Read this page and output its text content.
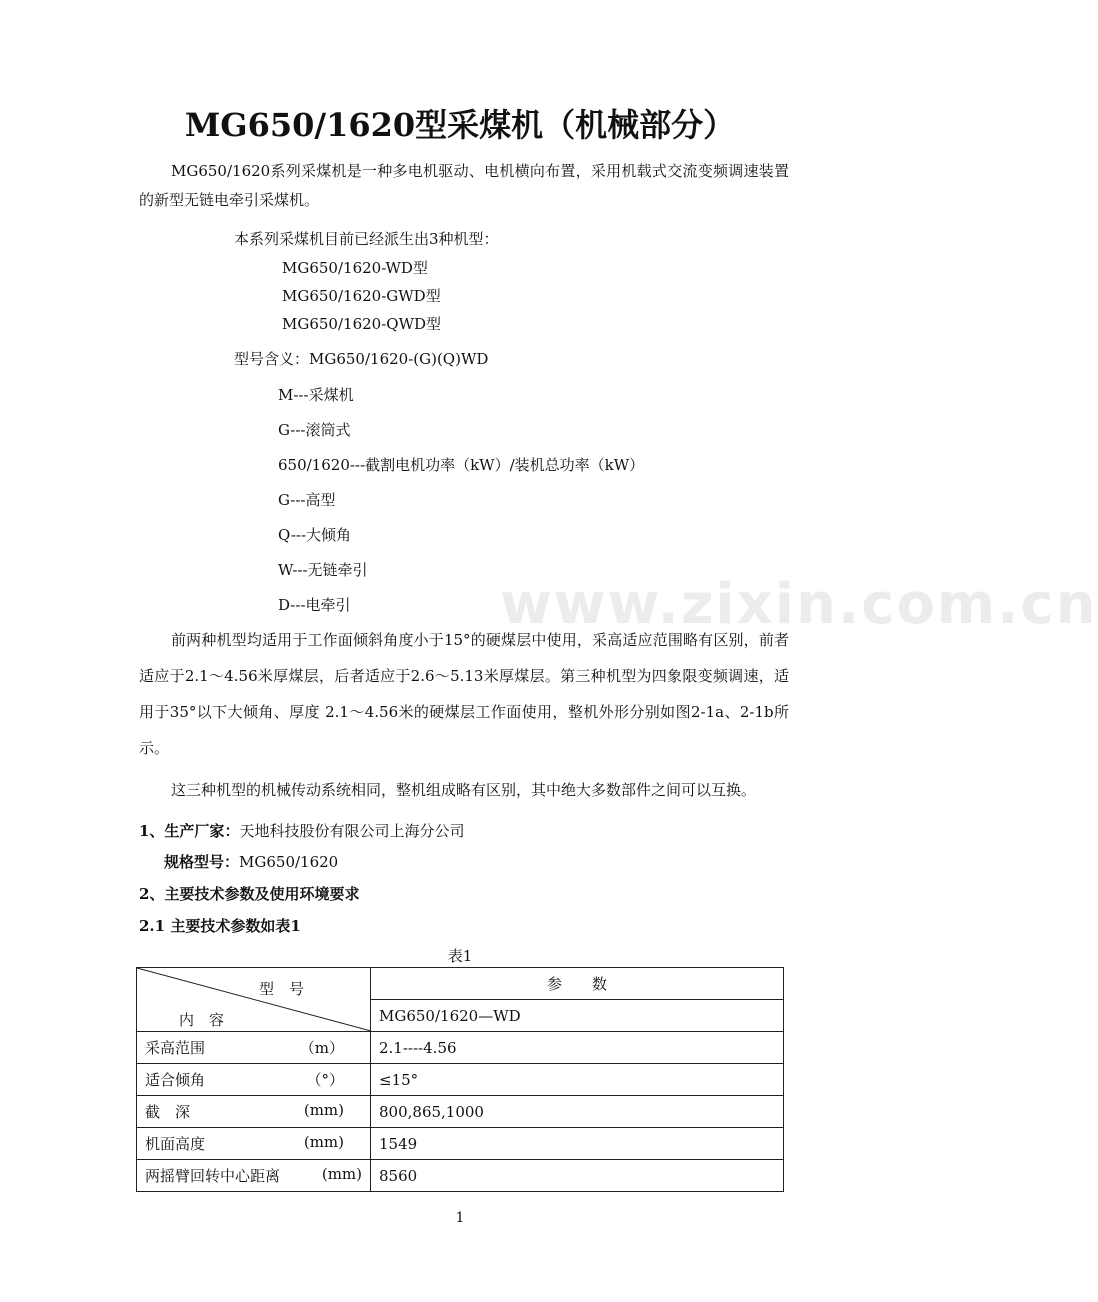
MG650/1620型采煤机（机械部分）
MG650/1620系列采煤机是一种多电机驱动、电机横向布置，采用机载式交流变频调速装置的新型无链电牵引采煤机。
本系列采煤机目前已经派生出3种机型：
MG650/1620-WD型
MG650/1620-GWD型
MG650/1620-QWD型
型号含义：MG650/1620-(G)(Q)WD
M---采煤机
G---滚筒式
650/1620---截割电机功率（kW）/装机总功率（kW）
G---高型
Q---大倾角
W---无链牵引
D---电牵引	www.zixin.com.cn
前两种机型均适用于工作面倾斜角度小于15°的硬煤层中使用，采高适应范围略有区别，前者适应于2.1～4.56米厚煤层，后者适应于2.6～5.13米厚煤层。第三种机型为四象限变频调速，适用于35°以下大倾角、厚度 2.1～4.56米的硬煤层工作面使用，整机外形分别如图2-1a、2-1b所示。
这三种机型的机械传动系统相同，整机组成略有区别，其中绝大多数部件之间可以互换。
1、生产厂家：天地科技股份有限公司上海分公司
规格型号：MG650/1620
2、主要技术参数及使用环境要求
2.1 主要技术参数如表1
表1
型　号
内　容	参　　数
	MG650/1620—WD
采高范围 （m）	2.1----4.56
适合倾角 （°）	≤15°
截　深 (mm)	800,865,1000
机面高度 (mm)	1549
两摇臂回转中心距离 (mm)	8560
1
